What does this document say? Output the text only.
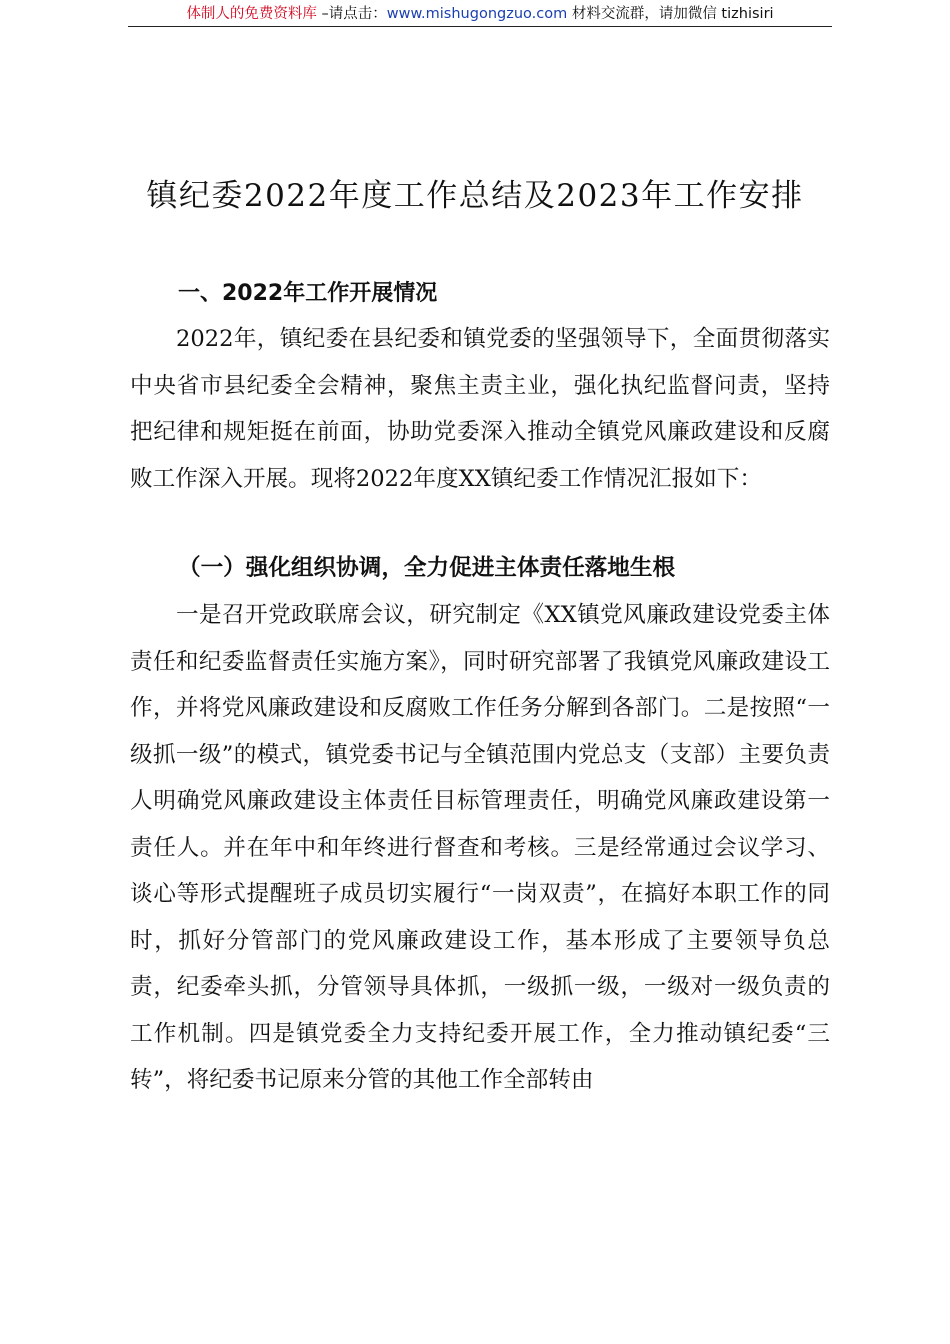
体制人的免费资料库 –请点击：www.mishugongzuo.com 材料交流群，请加微信 tizhisiri
镇纪委2022年度工作总结及2023年工作安排
一、2022年工作开展情况
2022年，镇纪委在县纪委和镇党委的坚强领导下，全面贯彻落实中央省市县纪委全会精神，聚焦主责主业，强化执纪监督问责，坚持把纪律和规矩挺在前面，协助党委深入推动全镇党风廉政建设和反腐败工作深入开展。现将2022年度XX镇纪委工作情况汇报如下：
（一）强化组织协调，全力促进主体责任落地生根
一是召开党政联席会议，研究制定《XX镇党风廉政建设党委主体责任和纪委监督责任实施方案》，同时研究部署了我镇党风廉政建设工作，并将党风廉政建设和反腐败工作任务分解到各部门。二是按照“一级抓一级”的模式，镇党委书记与全镇范围内党总支（支部）主要负责人明确党风廉政建设主体责任目标管理责任，明确党风廉政建设第一责任人。并在年中和年终进行督查和考核。三是经常通过会议学习、谈心等形式提醒班子成员切实履行“一岗双责”，在搞好本职工作的同时，抓好分管部门的党风廉政建设工作，基本形成了主要领导负总责，纪委牵头抓，分管领导具体抓，一级抓一级，一级对一级负责的工作机制。四是镇党委全力支持纪委开展工作，全力推动镇纪委“三转”，将纪委书记原来分管的其他工作全部转由
